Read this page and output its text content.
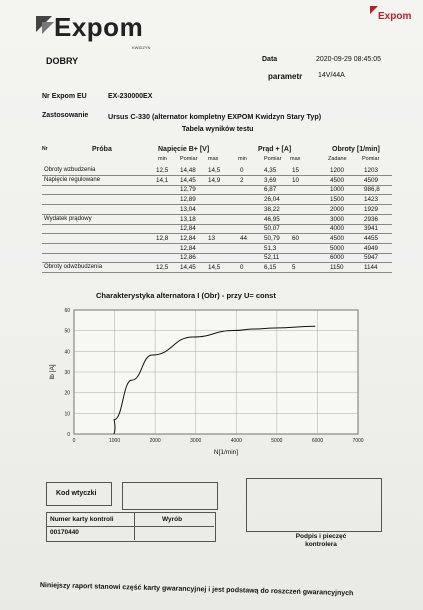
Expom
KWIDZYN
Expom
DOBRY	Data	2020-09-29 08:45:05
parametr 14V/44A
Nr Expom EU	EX-230000EX
Zastosowanie	Ursus C-330 (alternator kompletny EXPOM Kwidzyn Stary Typ)
Tabela wyników testu
Nr	Próba	Napięcie B+ [V]	Prąd + [A]	Obroty [1/min]
min Pomiar max	min	Pomiar max	Zadane	Pomiar
Obroty wzbudzenia	12,5 14,48 14,5	0	4,35 15	1200	1203
Napięcie regulowane	14,1 14,45 14,9	2	3,69 10	4500	4509
12,79	6,87	1000	986,8
12,89	26,04	1500	1423
13,04	38,22	2000	1929
Wydatek prądowy	13,18	46,95	3000	2936
12,84	50,07	4000	3941
12,8 12,84 13	44	50,79 60	4500	4455
12,84	51,3	5000	4949
12,86	52,11	6000	5947
Obroty odwzbudzenia	12,5 14,45 14,5	0	6,15 5	1150	1144
Charakterystyka alternatora I (Obr) - przy U= const
0
10
20
30
40
50
60
0	1000	2000	3000	4000	5000	6000	7000
N[1/min]
Ib [A]
Kod wtyczki
Numer karty kontroli	Wyrób
00170440
Podpis i pieczęć kontrolera
Niniejszy raport stanowi część karty gwarancyjnej i jest podstawą do roszczeń gwarancyjnych
